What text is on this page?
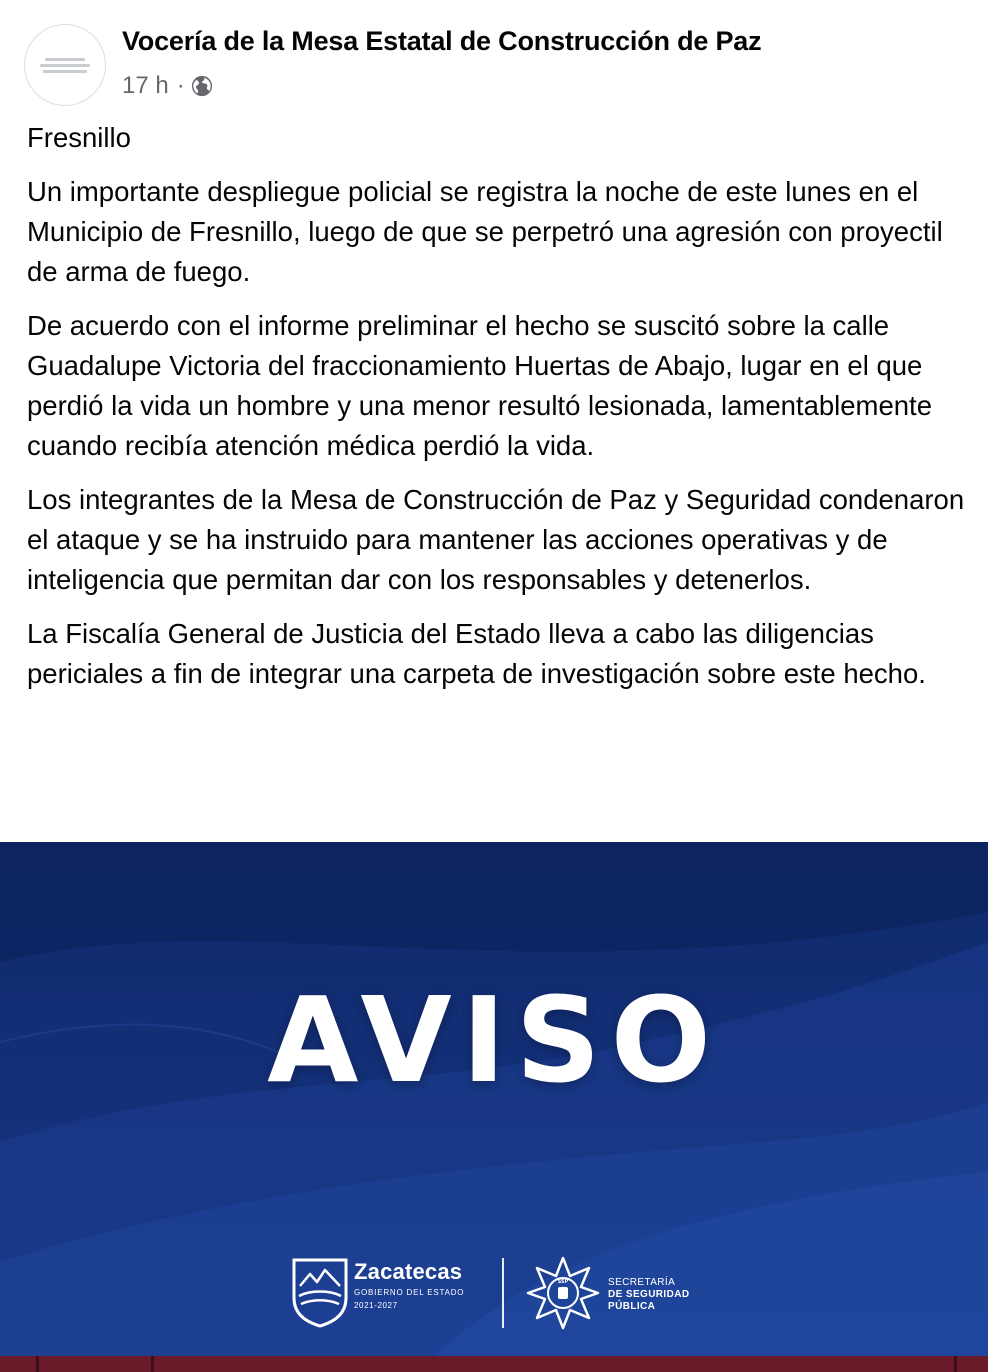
Vocería de la Mesa Estatal de Construcción de Paz
17 h ·

Fresnillo

Un importante despliegue policial se registra la noche de este lunes en el Municipio de Fresnillo, luego de que se perpetró una agresión con proyectil de arma de fuego.

De acuerdo con el informe preliminar el hecho se suscitó sobre la calle Guadalupe Victoria del fraccionamiento Huertas de Abajo, lugar en el que perdió la vida un hombre y una menor resultó lesionada, lamentablemente cuando recibía atención médica perdió la vida.

Los integrantes de la Mesa de Construcción de Paz y Seguridad condenaron el ataque y se ha instruido para mantener las acciones operativas y de inteligencia que permitan dar con los responsables y detenerlos.

La Fiscalía General de Justicia del Estado lleva a cabo las diligencias periciales a fin de integrar una carpeta de investigación sobre este hecho.

AVISO
Zacatecas
GOBIERNO DEL ESTADO
2021-2027
SSP	SECRETARÍA
DE SEGURIDAD
PÚBLICA
